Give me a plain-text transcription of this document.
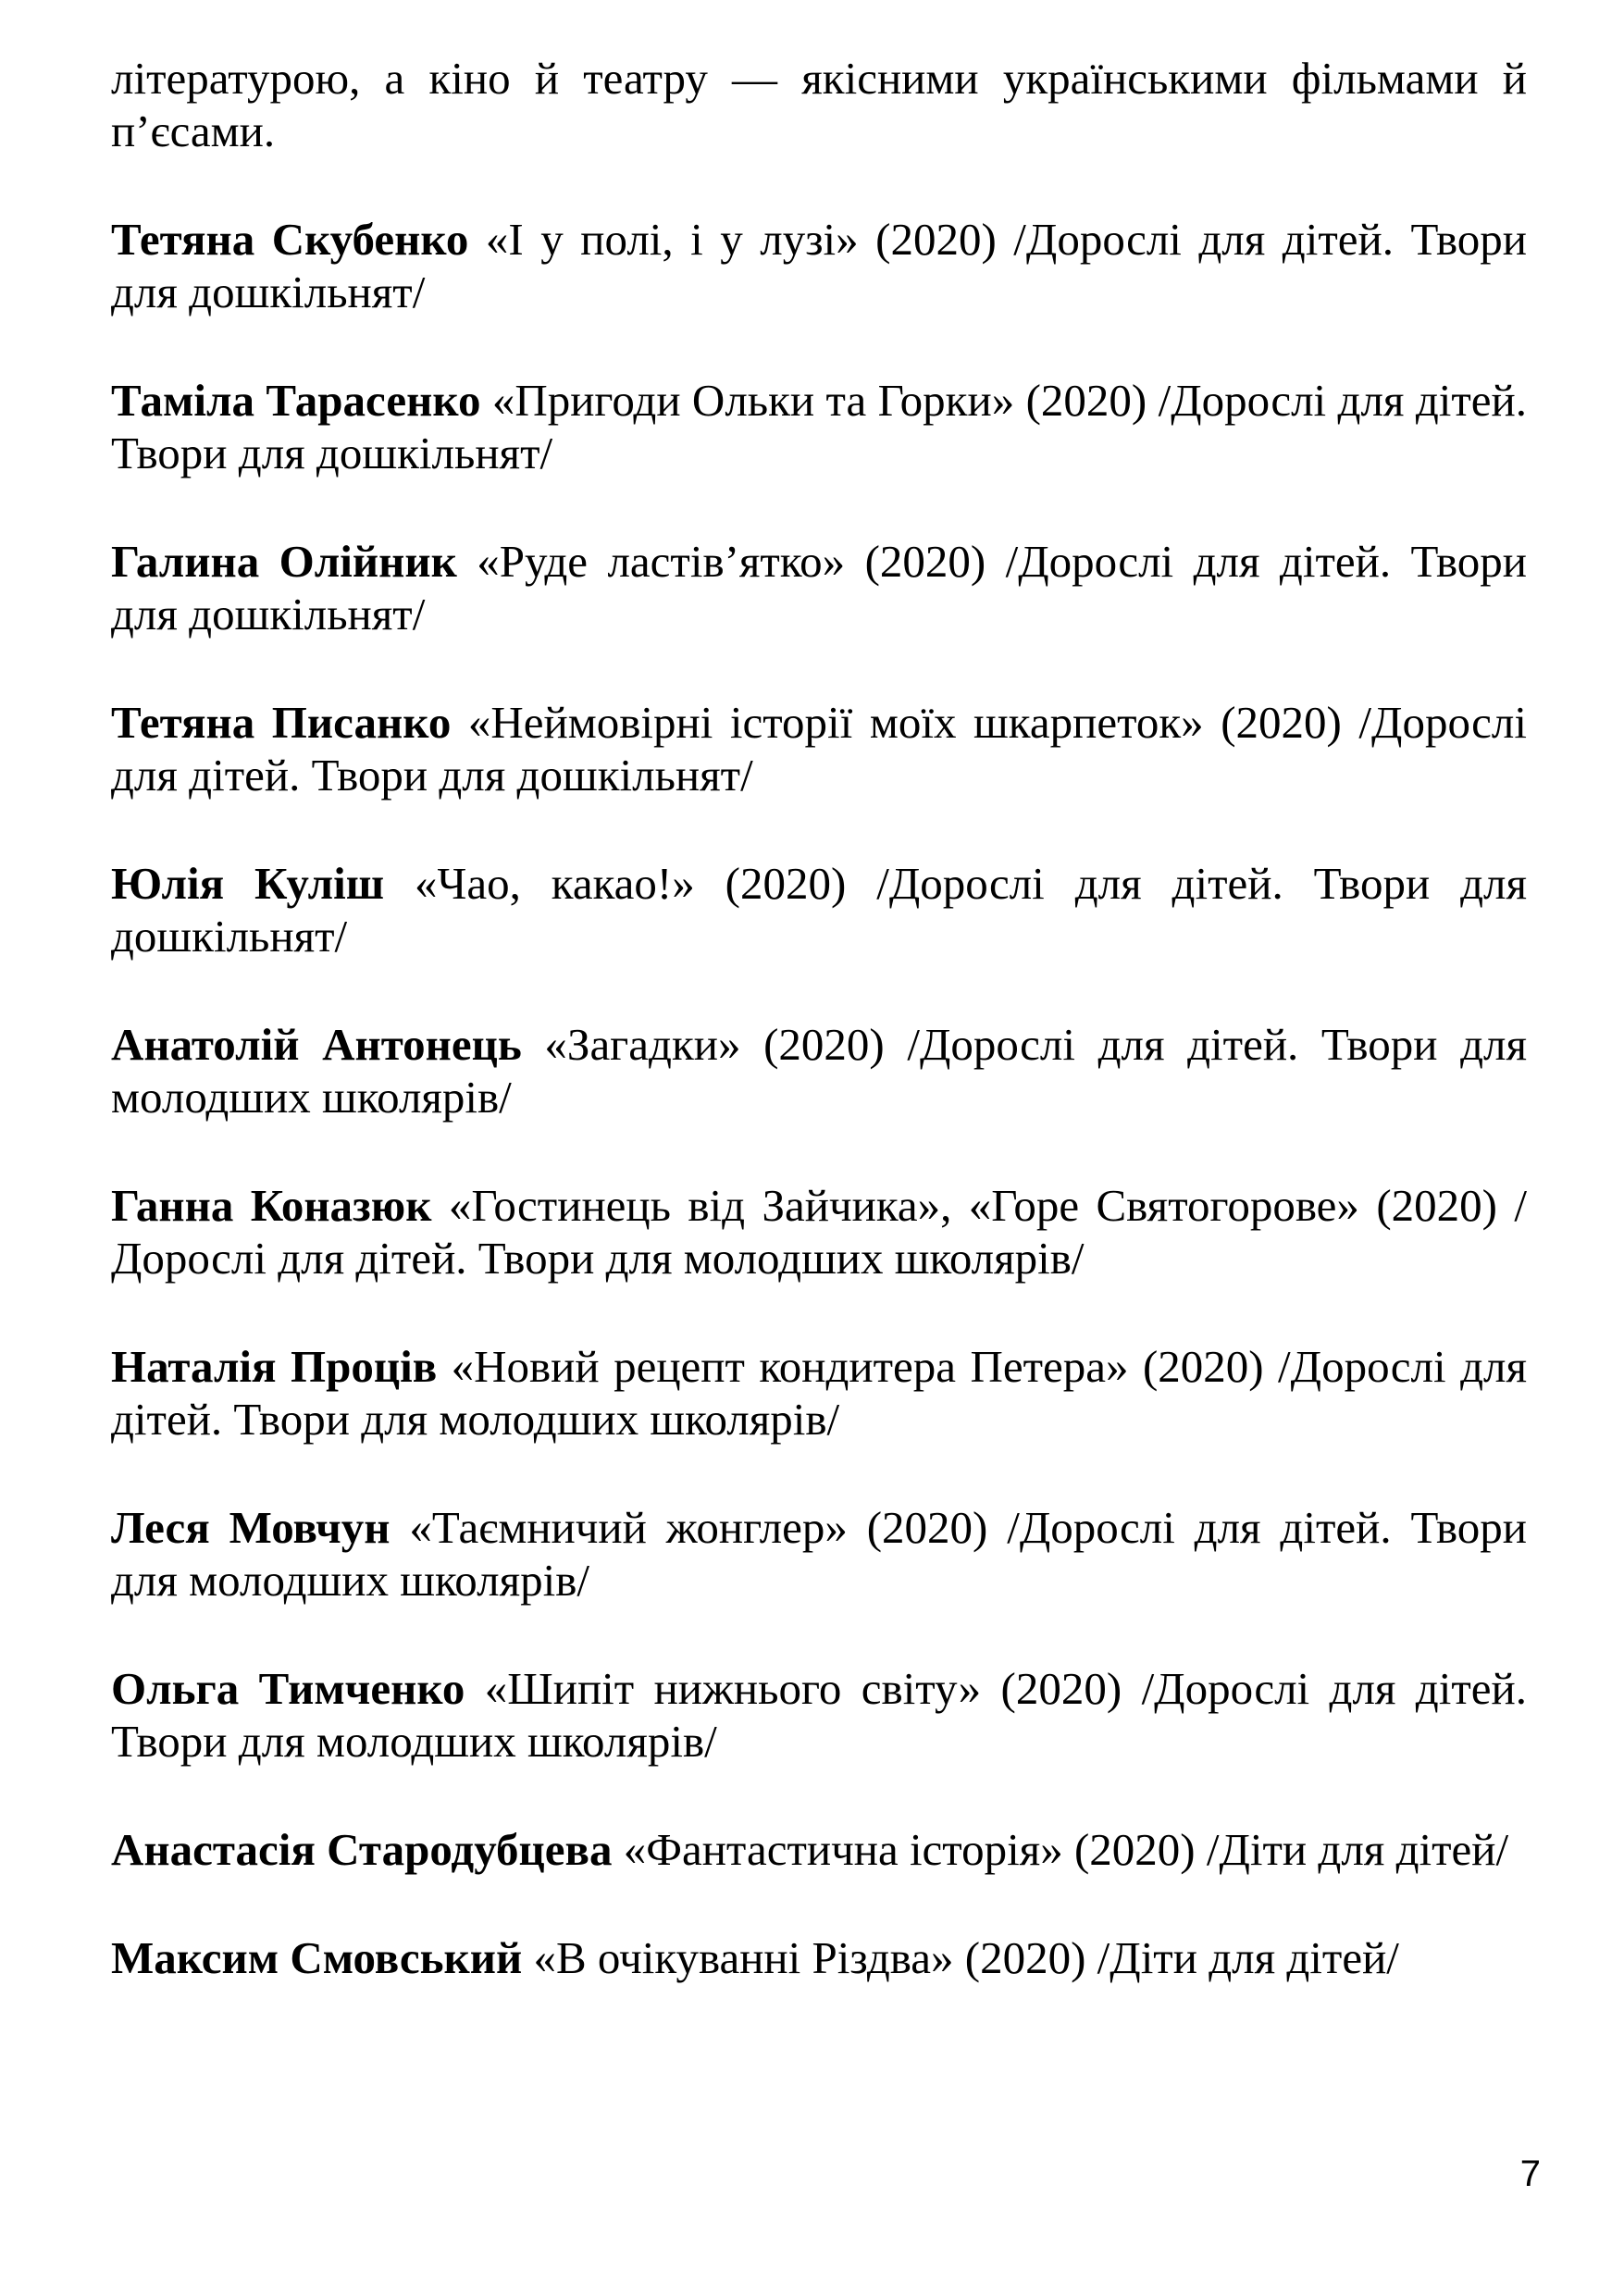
літературою, а кіно й театру — якісними українськими фільмами й п’єсами.

Тетяна Скубенко «І у полі, і у лузі» (2020) /Дорослі для дітей. Твори для дошкільнят/

Таміла Тарасенко «Пригоди Ольки та Горки» (2020) /Дорослі для дітей. Твори для дошкільнят/

Галина Олійник «Руде ластів’ятко» (2020) /Дорослі для дітей. Твори для дошкільнят/

Тетяна Писанко «Неймовірні історії моїх шкарпеток» (2020) /Дорослі для дітей. Твори для дошкільнят/

Юлія Куліш «Чао, какао!» (2020) /Дорослі для дітей. Твори для дошкільнят/

Анатолій Антонець «Загадки» (2020) /Дорослі для дітей. Твори для молодших школярів/

Ганна Коназюк «Гостинець від Зайчика», «Горе Святогорове» (2020) /Дорослі для дітей. Твори для молодших школярів/

Наталія Проців «Новий рецепт кондитера Петера» (2020) /Дорослі для дітей. Твори для молодших школярів/

Леся Мовчун «Таємничий жонглер» (2020) /Дорослі для дітей. Твори для молодших школярів/

Ольга Тимченко «Шипіт нижнього світу» (2020) /Дорослі для дітей. Твори для молодших школярів/

Анастасія Стародубцева «Фантастична історія» (2020) /Діти для дітей/

Максим Смовський «В очікуванні Різдва» (2020) /Діти для дітей/

7
